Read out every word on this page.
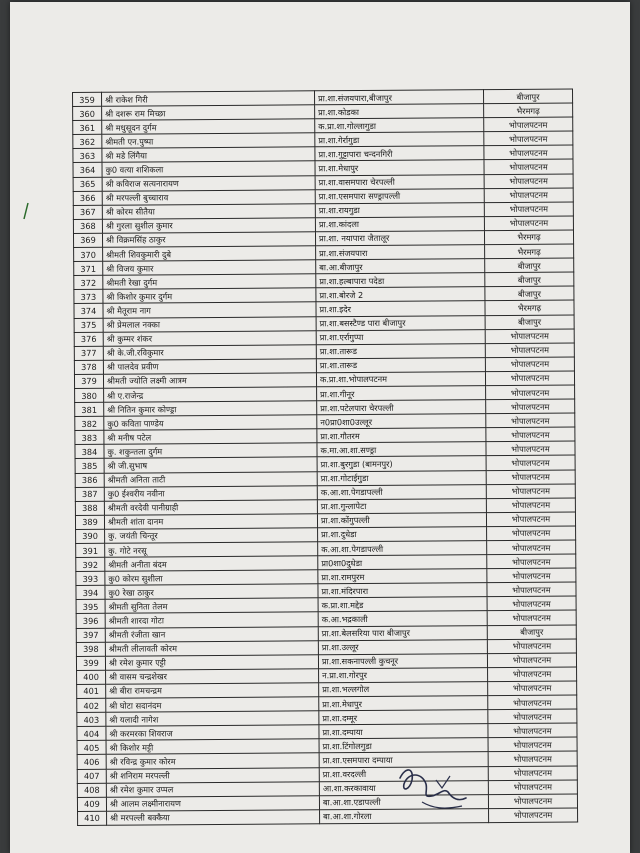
359	श्री राकेश गिरी	प्रा.शा.संजयपारा,बीजापुर	बीजापुर
360	श्री दशरू राम मिच्छा	प्रा.शा.कोडका	भैरमगढ़
361	श्री मधुसूदन दुर्गम	क.प्रा.शा.गोल्लागुडा	भोपालपटनम
362	श्रीमती एन.पुष्पा	प्रा.शा.गेर्रागुडा	भोपालपटनम
363	श्री मडे लिंगैया	प्रा.शा.गुट्टापारा चन्दनगिरी	भोपालपटनम
364	कु0 वत्या शशिकला	प्रा.शा.मेधापुर	भोपालपटनम
365	श्री कविराज सत्यनारायण	प्रा.शा.वासमपारा चेरपल्ली	भोपालपटनम
366	श्री मरपल्ली बुच्चाराव	प्रा.शा.एसमपारा सण्ड्रापल्ली	भोपालपटनम
367	श्री कोरम सीतैया	प्रा.शा.रायगुडा	भोपालपटनम
368	श्री गुरला सुशील कुमार	प्रा.शा.कांदला	भोपालपटनम
369	श्री विक्रमसिंह ठाकुर	प्रा.शा. नयापारा जैतालूर	भैरमगढ़
370	श्रीमती शिवकुमारी दुबे	प्रा.शा.संजयपारा	भैरमगढ़
371	श्री विजय कुमार	बा.आ.बीजापुर	बीजापुर
372	श्रीमती रेखा दुर्गम	प्रा.शा.हल्बापारा पदेडा	बीजापुर
373	श्री किशोर कुमार दुर्गम	प्रा.शा.बोरजे 2	बीजापुर
374	श्री मैतूराम नाग	प्रा.शा.इदेर	भैरमगढ़
375	श्री प्रेमलाल नक्का	प्रा.शा.बसस्टैण्ड पारा बीजापुर	बीजापुर
376	श्री कुम्मर शंकर	प्रा.शा.एर्रागुप्पा	भोपालपटनम
377	श्री के.जी.रविकुमार	प्रा.शा.तारूड	भोपालपटनम
378	श्री पालदेव प्रवीण	प्रा.शा.तारूड	भोपालपटनम
379	श्रीमती ज्योति लक्ष्मी आत्रम	क.प्रा.शा.भोपालपटनम	भोपालपटनम
380	श्री ए.राजेन्द्र	प्रा.शा.गीनूर	भोपालपटनम
381	श्री नितिन कुमार कोण्ड्रा	प्रा.शा.पटेलपारा चेरपल्ली	भोपालपटनम
382	कु0 कविता पाण्डेय	न0प्रा0शा0उल्लूर	भोपालपटनम
383	श्री मनीष पटेल	प्रा.शा.गौतरम	भोपालपटनम
384	कु. शकुन्तला दुर्गम	क.मा.आ.शा.सण्ड्रा	भोपालपटनम
385	श्री जी.सुभाष	प्रा.शा.बुरगुडा (बामनपुर)	भोपालपटनम
386	श्रीमती अनिता ताटी	प्रा.शा.गोटाईगुडा	भोपालपटनम
387	कु0 ईश्वरीय नवीना	क.आ.शा.पेगडापल्ली	भोपालपटनम
388	श्रीमती वरदेवी पानीग्राही	प्रा.शा.गुन्लापेटा	भोपालपटनम
389	श्रीमती शांता दानम	प्रा.शा.कोंगुपल्ली	भोपालपटनम
390	कु. जयंती चिन्तूर	प्रा.शा.दुधेडा	भोपालपटनम
391	कु. गोटे नरसू	क.आ.शा.पेगडापल्ली	भोपालपटनम
392	श्रीमती अनीता बंदम	प्रा0शा0दुधेडा	भोपालपटनम
393	कु0 कोरम सुशीला	प्रा.शा.रामपुरम	भोपालपटनम
394	कु0 रेखा ठाकुर	प्रा.शा.मंदिरपारा	भोपालपटनम
395	श्रीमती सुनिता तेलम	क.प्रा.शा.मद्देड	भोपालपटनम
396	श्रीमती शारदा गोटा	क.आ.भद्रकाली	भोपालपटनम
397	श्रीमती रंजीता खान	प्रा.शा.बेलसरिया पारा बीजापुर	बीजापुर
398	श्रीमती लीलावती कोरम	प्रा.शा.उल्लूर	भोपालपटनम
399	श्री रमेश कुमार एट्टी	प्रा.शा.सकनापल्ली कुचनूर	भोपालपटनम
400	श्री वासम चन्द्रशेखर	न.प्रा.शा.गोरपुर	भोपालपटनम
401	श्री बीरा रामचन्द्रम	प्रा.शा.भल्लगोल	भोपालपटनम
402	श्री घोटा सदानंदम	प्रा.शा.मेधापुर	भोपालपटनम
403	श्री यलादी नागेश	प्रा.शा.दम्मूर	भोपालपटनम
404	श्री करमरका शिवराज	प्रा.शा.दम्पाया	भोपालपटनम
405	श्री किशोर मट्टी	प्रा.शा.टिंगोलगुडा	भोपालपटनम
406	श्री रविन्द्र कुमार कोरम	प्रा.शा.एसमपारा दम्पाया	भोपालपटनम
407	श्री शनिराम मरपल्ली	प्रा.शा.वरदल्ली	भोपालपटनम
408	श्री रमेश कुमार उप्पल	आ.शा.करकावाया	भोपालपटनम
409	श्री आलम लक्ष्मीनारायण	बा.आ.शा.एडापल्ली	भोपालपटनम
410	श्री मरपल्ली बक्कैया	बा.आ.शा.गोरला	भोपालपटनम
